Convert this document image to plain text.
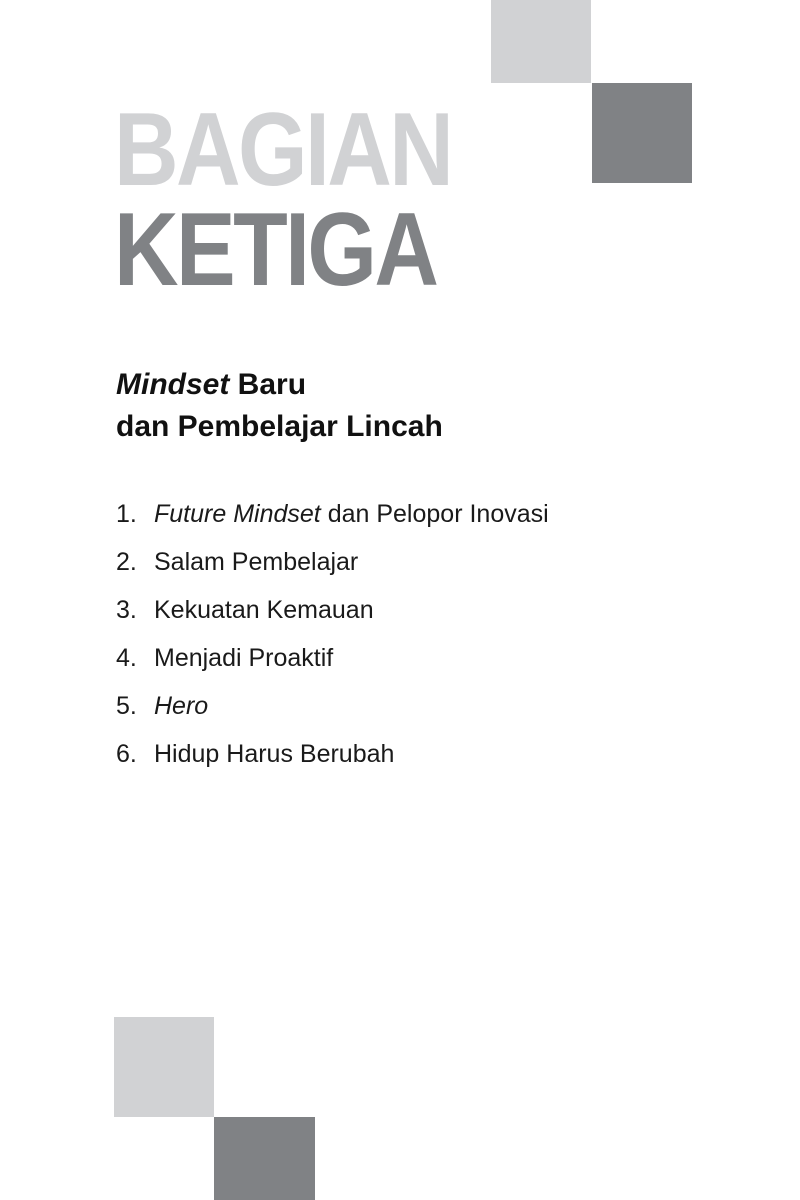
BAGIAN
KETIGA
Mindset Baru
dan Pembelajar Lincah
1. Future Mindset dan Pelopor Inovasi
2. Salam Pembelajar
3. Kekuatan Kemauan
4. Menjadi Proaktif
5. Hero
6. Hidup Harus Berubah
